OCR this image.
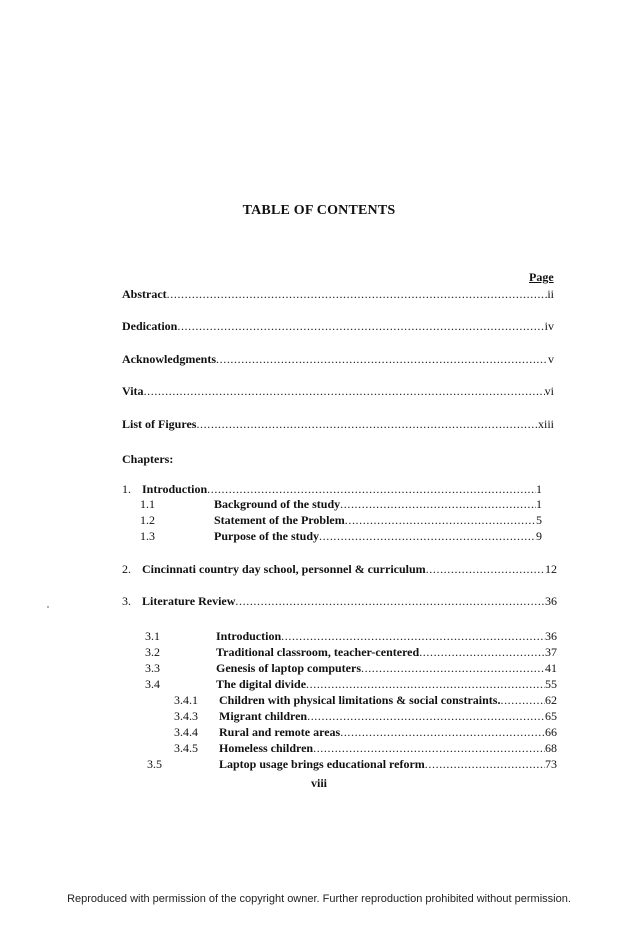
TABLE OF CONTENTS
Page
Abstract .....	ii
Dedication .....	iv
Acknowledgments .....	v
Vita .....	vi
List of Figures .....	xiii
Chapters:
1. Introduction .....	1
1.1	Background of the study .....	1
1.2	Statement of the Problem .....	5
1.3	Purpose of the study .....	9
2. Cincinnati country day school, personnel & curriculum .....	12
3. Literature Review .....	36
3.1	Introduction .....	36
3.2	Traditional classroom, teacher-centered .....	37
3.3	Genesis of laptop computers .....	41
3.4	The digital divide .....	55
3.4.1 Children with physical limitations & social constraints. .....	62
3.4.3 Migrant children .....	65
3.4.4 Rural and remote areas .....	66
3.4.5 Homeless children .....	68
3.5	Laptop usage brings educational reform .....	73
viii
Reproduced with permission of the copyright owner. Further reproduction prohibited without permission.
